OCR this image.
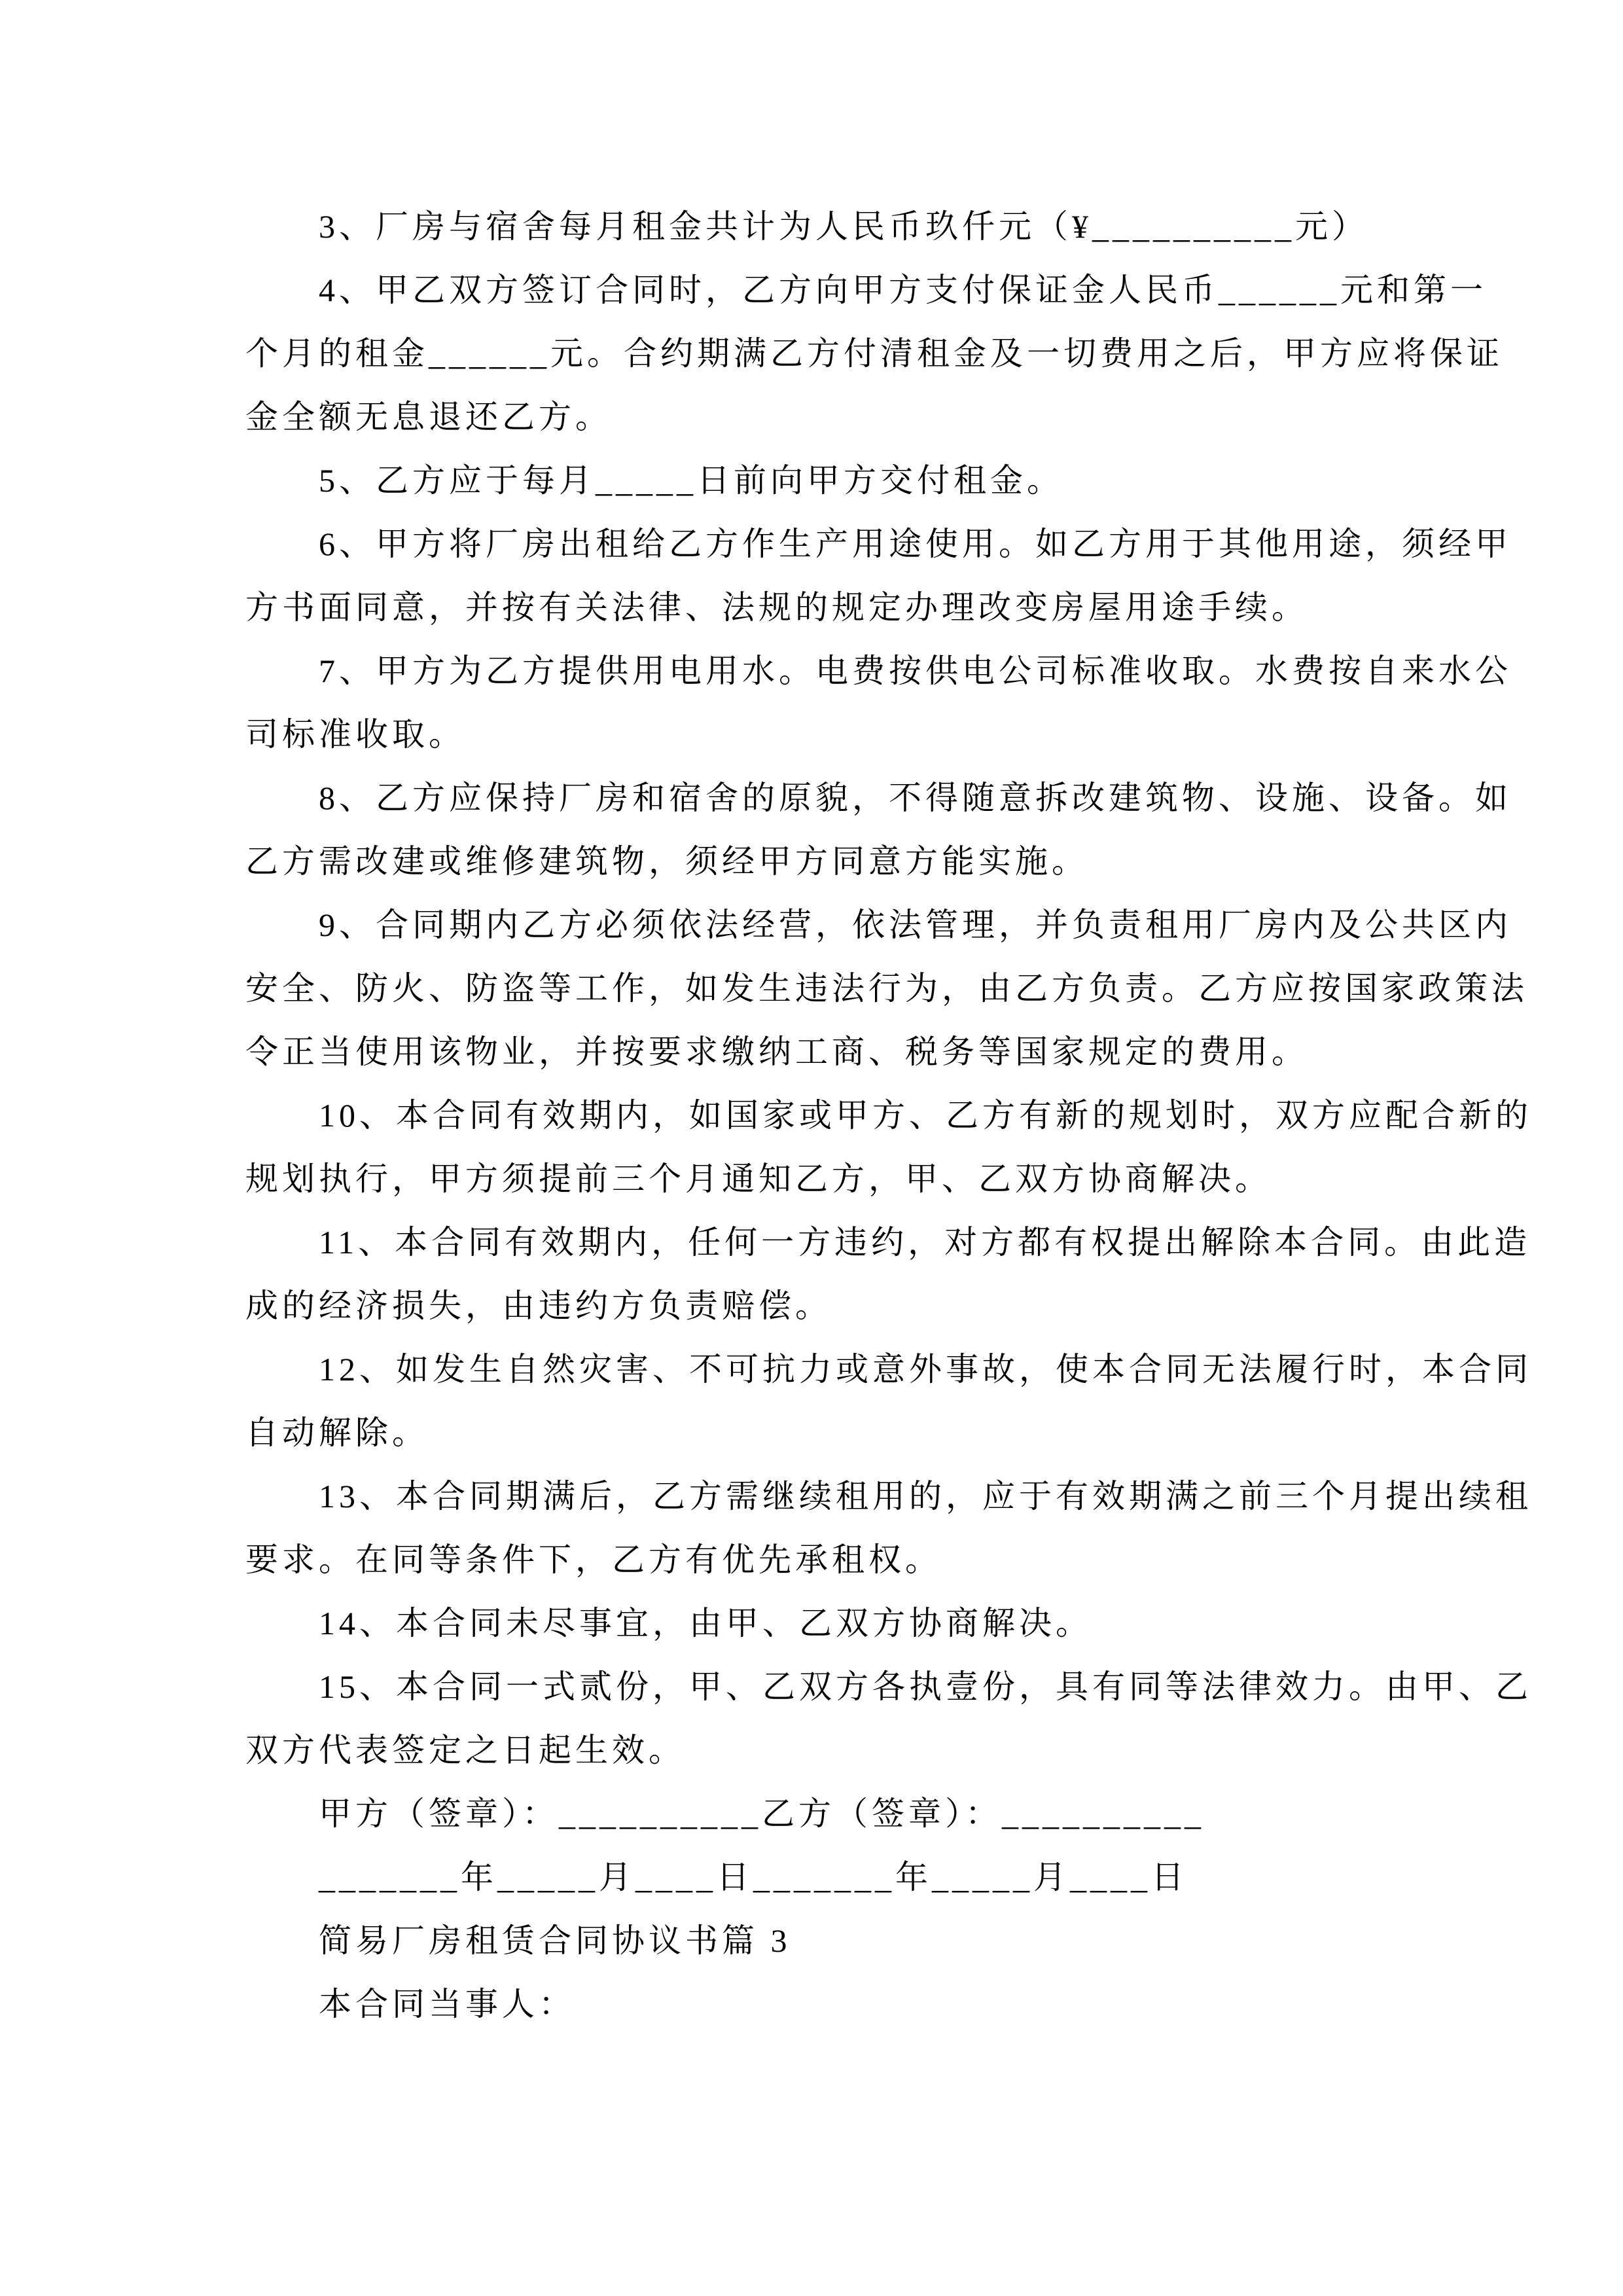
3、厂房与宿舍每月租金共计为人民币玖仟元（¥__________元）
4、甲乙双方签订合同时，乙方向甲方支付保证金人民币______元和第一
个月的租金______元。合约期满乙方付清租金及一切费用之后，甲方应将保证
金全额无息退还乙方。
5、乙方应于每月_____日前向甲方交付租金。
6、甲方将厂房出租给乙方作生产用途使用。如乙方用于其他用途，须经甲
方书面同意，并按有关法律、法规的规定办理改变房屋用途手续。
7、甲方为乙方提供用电用水。电费按供电公司标准收取。水费按自来水公
司标准收取。
8、乙方应保持厂房和宿舍的原貌，不得随意拆改建筑物、设施、设备。如
乙方需改建或维修建筑物，须经甲方同意方能实施。
9、合同期内乙方必须依法经营，依法管理，并负责租用厂房内及公共区内
安全、防火、防盗等工作，如发生违法行为，由乙方负责。乙方应按国家政策法
令正当使用该物业，并按要求缴纳工商、税务等国家规定的费用。
10、本合同有效期内，如国家或甲方、乙方有新的规划时，双方应配合新的
规划执行，甲方须提前三个月通知乙方，甲、乙双方协商解决。
11、本合同有效期内，任何一方违约，对方都有权提出解除本合同。由此造
成的经济损失，由违约方负责赔偿。
12、如发生自然灾害、不可抗力或意外事故，使本合同无法履行时，本合同
自动解除。
13、本合同期满后，乙方需继续租用的，应于有效期满之前三个月提出续租
要求。在同等条件下，乙方有优先承租权。
14、本合同未尽事宜，由甲、乙双方协商解决。
15、本合同一式贰份，甲、乙双方各执壹份，具有同等法律效力。由甲、乙
双方代表签定之日起生效。
甲方（签章）：__________乙方（签章）：__________
_______年_____月____日_______年_____月____日
简易厂房租赁合同协议书篇 3
本合同当事人：
